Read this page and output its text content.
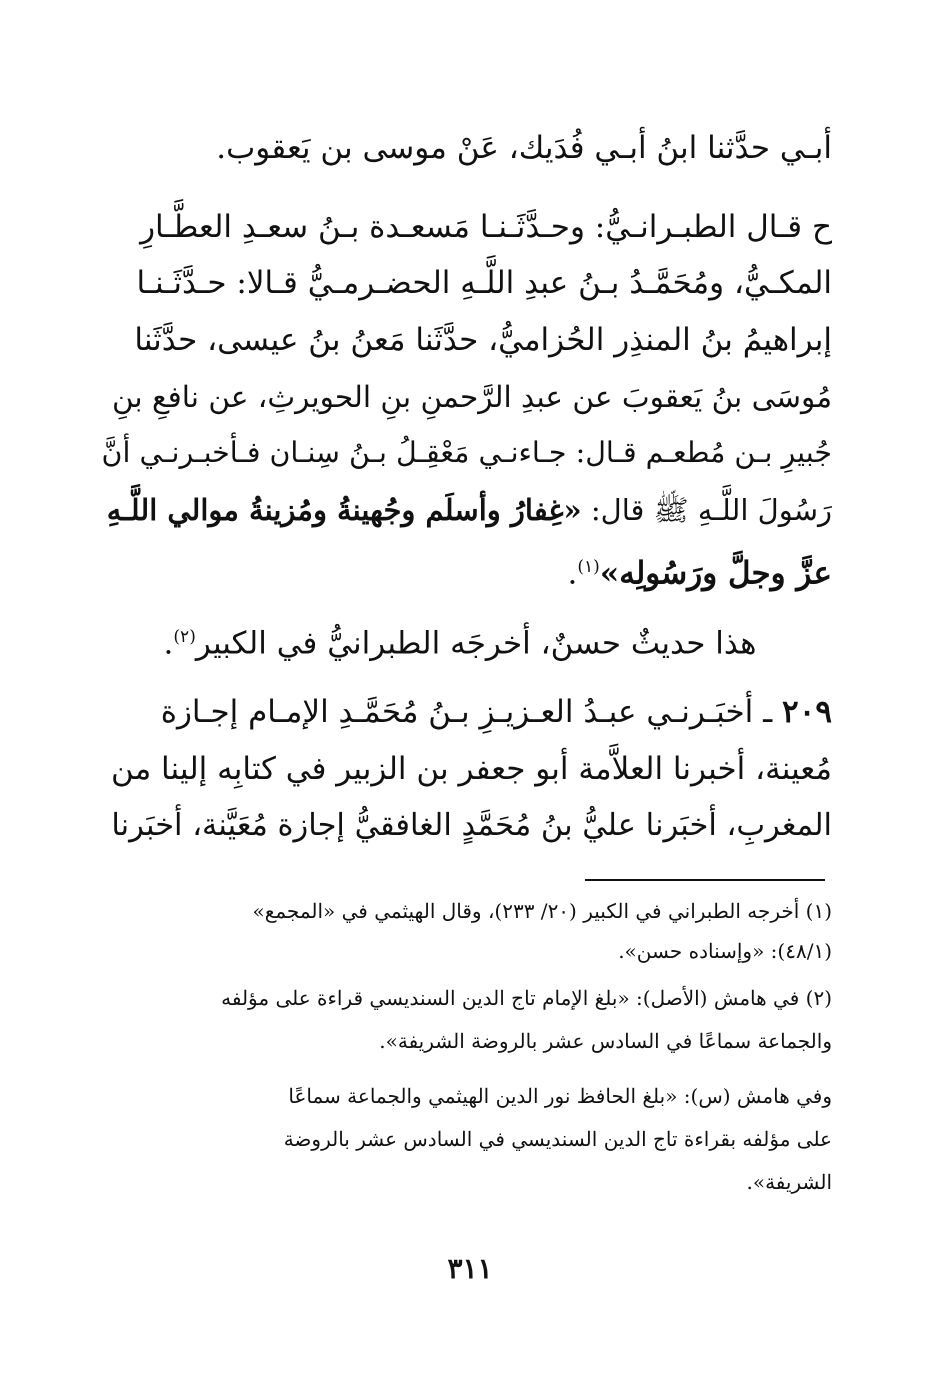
أبـي حدَّثنا ابنُ أبـي فُدَيك، عَنْ موسى بن يَعقوب.
ح قـال الطبـرانـيُّ: وحـدَّثَـنـا مَسعـدة بـنُ سعـدِ العطَّـارِ
المكـيُّ، ومُحَمَّـدُ بـنُ عبدِ اللَّـهِ الحضـرمـيُّ قـالا: حـدَّثَـنـا
إبراهيمُ بنُ المنذِر الحُزاميُّ، حدَّثَنا مَعنُ بنُ عيسى، حدَّثَنا
مُوسَى بنُ يَعقوبَ عن عبدِ الرَّحمنِ بنِ الحويرثِ، عن نافعِ بنِ
جُبيرِ بـن مُطعـم قـال: جـاءنـي مَعْقِـلُ بـنُ سِنـان فـأخبـرنـي أنَّ
رَسُولَ اللَّـهِ ﷺ قال: «غِفارُ وأسلَم وجُهينةُ ومُزينةُ موالي اللَّـهِ
عزَّ وجلَّ ورَسُولِه»$^{(١)}$.
هذا حديثٌ حسنٌ، أخرجَه الطبرانيُّ في الكبير$^{(٢)}$.
٢٠٩ ـ أخبَـرنـي عبـدُ العـزيـزِ بـنُ مُحَمَّـدِ الإمـام إجـازة
مُعينة، أخبرنا العلاَّمة أبو جعفر بن الزبير في كتابِه إلينا من
المغربِ، أخبَرنا عليُّ بنُ مُحَمَّدٍ الغافقيُّ إجازة مُعَيَّنة، أخبَرنا
(١) أخرجه الطبراني في الكبير (٢٠/ ٢٣٣)، وقال الهيثمي في «المجمع»
(٤٨/١): «وإسناده حسن».
(٢) في هامش (الأصل): «بلغ الإمام تاج الدين السنديسي قراءة على مؤلفه
والجماعة سماعًا في السادس عشر بالروضة الشريفة».
وفي هامش (س): «بلغ الحافظ نور الدين الهيثمي والجماعة سماعًا
على مؤلفه بقراءة تاج الدين السنديسي في السادس عشر بالروضة
الشريفة».
٣١١
